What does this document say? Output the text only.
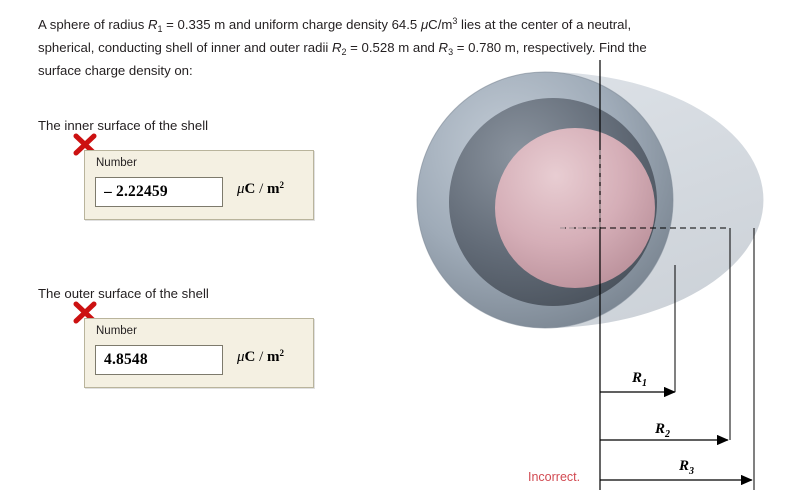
A sphere of radius $R_1 = 0.335$ m and uniform charge density 64.5 $\mu C/m^3$ lies at the center of a neutral,
spherical, conducting shell of inner and outer radii $R_2 = 0.528$ m and $R_3 = 0.780$ m, respectively. Find the
surface charge density on:
The inner surface of the shell
Number
– 2.22459
μC / $m^2$
The outer surface of the shell
Number
4.8548
μC / $m^2$
Incorrect.
$R_1$
$R_2$
$R_3$
